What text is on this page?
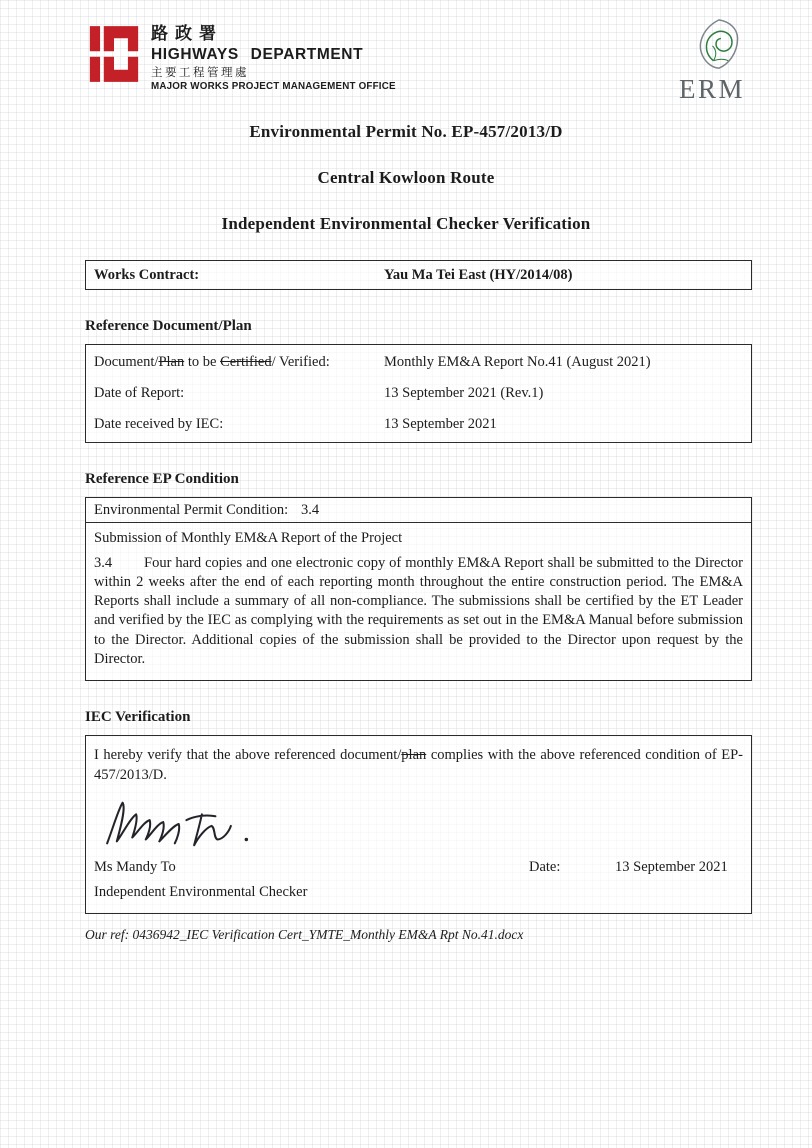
路政署
HIGHWAYS DEPARTMENT
主要工程管理處
MAJOR WORKS PROJECT MANAGEMENT OFFICE	ERM
Environmental Permit No. EP-457/2013/D
Central Kowloon Route
Independent Environmental Checker Verification
Works Contract:	Yau Ma Tei East (HY/2014/08)
Reference Document/Plan
Document/Plan to be Certified/ Verified:	Monthly EM&A Report No.41 (August 2021)
Date of Report:	13 September 2021 (Rev.1)
Date received by IEC:	13 September 2021
Reference EP Condition
Environmental Permit Condition: 3.4

Submission of Monthly EM&A Report of the Project

3.4 Four hard copies and one electronic copy of monthly EM&A Report shall be submitted to the Director within 2 weeks after the end of each reporting month throughout the entire construction period. The EM&A Reports shall include a summary of all non-compliance. The submissions shall be certified by the ET Leader and verified by the IEC as complying with the requirements as set out in the EM&A Manual before submission to the Director. Additional copies of the submission shall be provided to the Director upon request by the Director.

IEC Verification

I hereby verify that the above referenced document/plan complies with the above referenced condition of EP-457/2013/D.

Ms Mandy To	Date:	13 September 2021
Independent Environmental Checker

Our ref: 0436942_IEC Verification Cert_YMTE_Monthly EM&A Rpt No.41.docx
